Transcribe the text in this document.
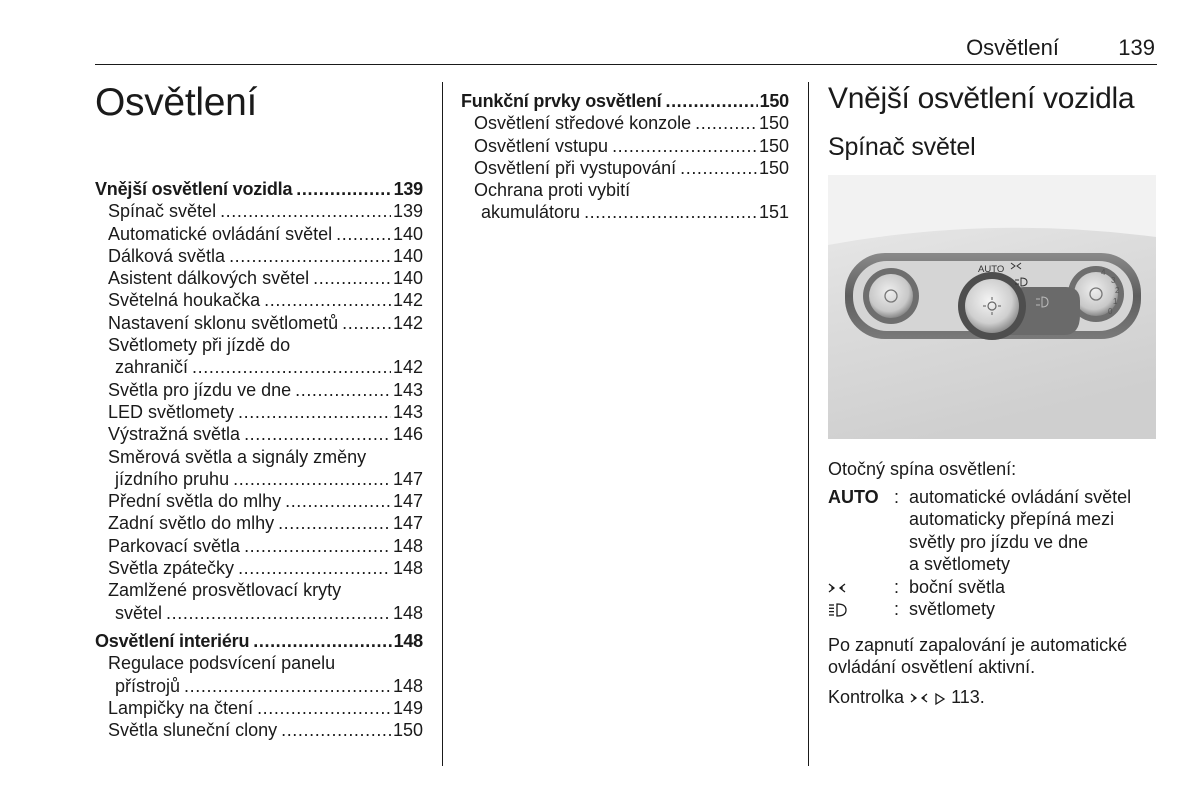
Osvětlení	139
Osvětlení
Vnější osvětlení vozidla . . .	139
Spínač světel . . .	139
Automatické ovládání světel . . .	140
Dálková světla . . .	140
Asistent dálkových světel . . .	140
Světelná houkačka . . .	142
Nastavení sklonu světlometů . . .	142
Světlomety při jízdě do
zahraničí . . .	142
Světla pro jízdu ve dne . . .	143
LED světlomety . . .	143
Výstražná světla . . .	146
Směrová světla a signály změny
jízdního pruhu . . .	147
Přední světla do mlhy . . .	147
Zadní světlo do mlhy . . .	147
Parkovací světla . . .	148
Světla zpátečky . . .	148
Zamlžené prosvětlovací kryty
světel . . .	148
Osvětlení interiéru . . .	148
Regulace podsvícení panelu
přístrojů . . .	148
Lampičky na čtení . . .	149
Světla sluneční clony . . .	150
Funkční prvky osvětlení . . .	150
Osvětlení středové konzole . . .	150
Osvětlení vstupu . . .	150
Osvětlení při vystupování . . .	150
Ochrana proti vybití
akumulátoru . . .	151
Vnější osvětlení vozidla
Spínač světel
AUTO	4
3
2
1
0

Otočný spína osvětlení:

AUTO : automatické ovládání světel
automaticky přepíná mezi
světly pro jízdu ve dne
a světlomety
: boční světla
: světlomety

Po zapnutí zapalování je automatické
ovládání osvětlení aktivní.

Kontrolka	113.
